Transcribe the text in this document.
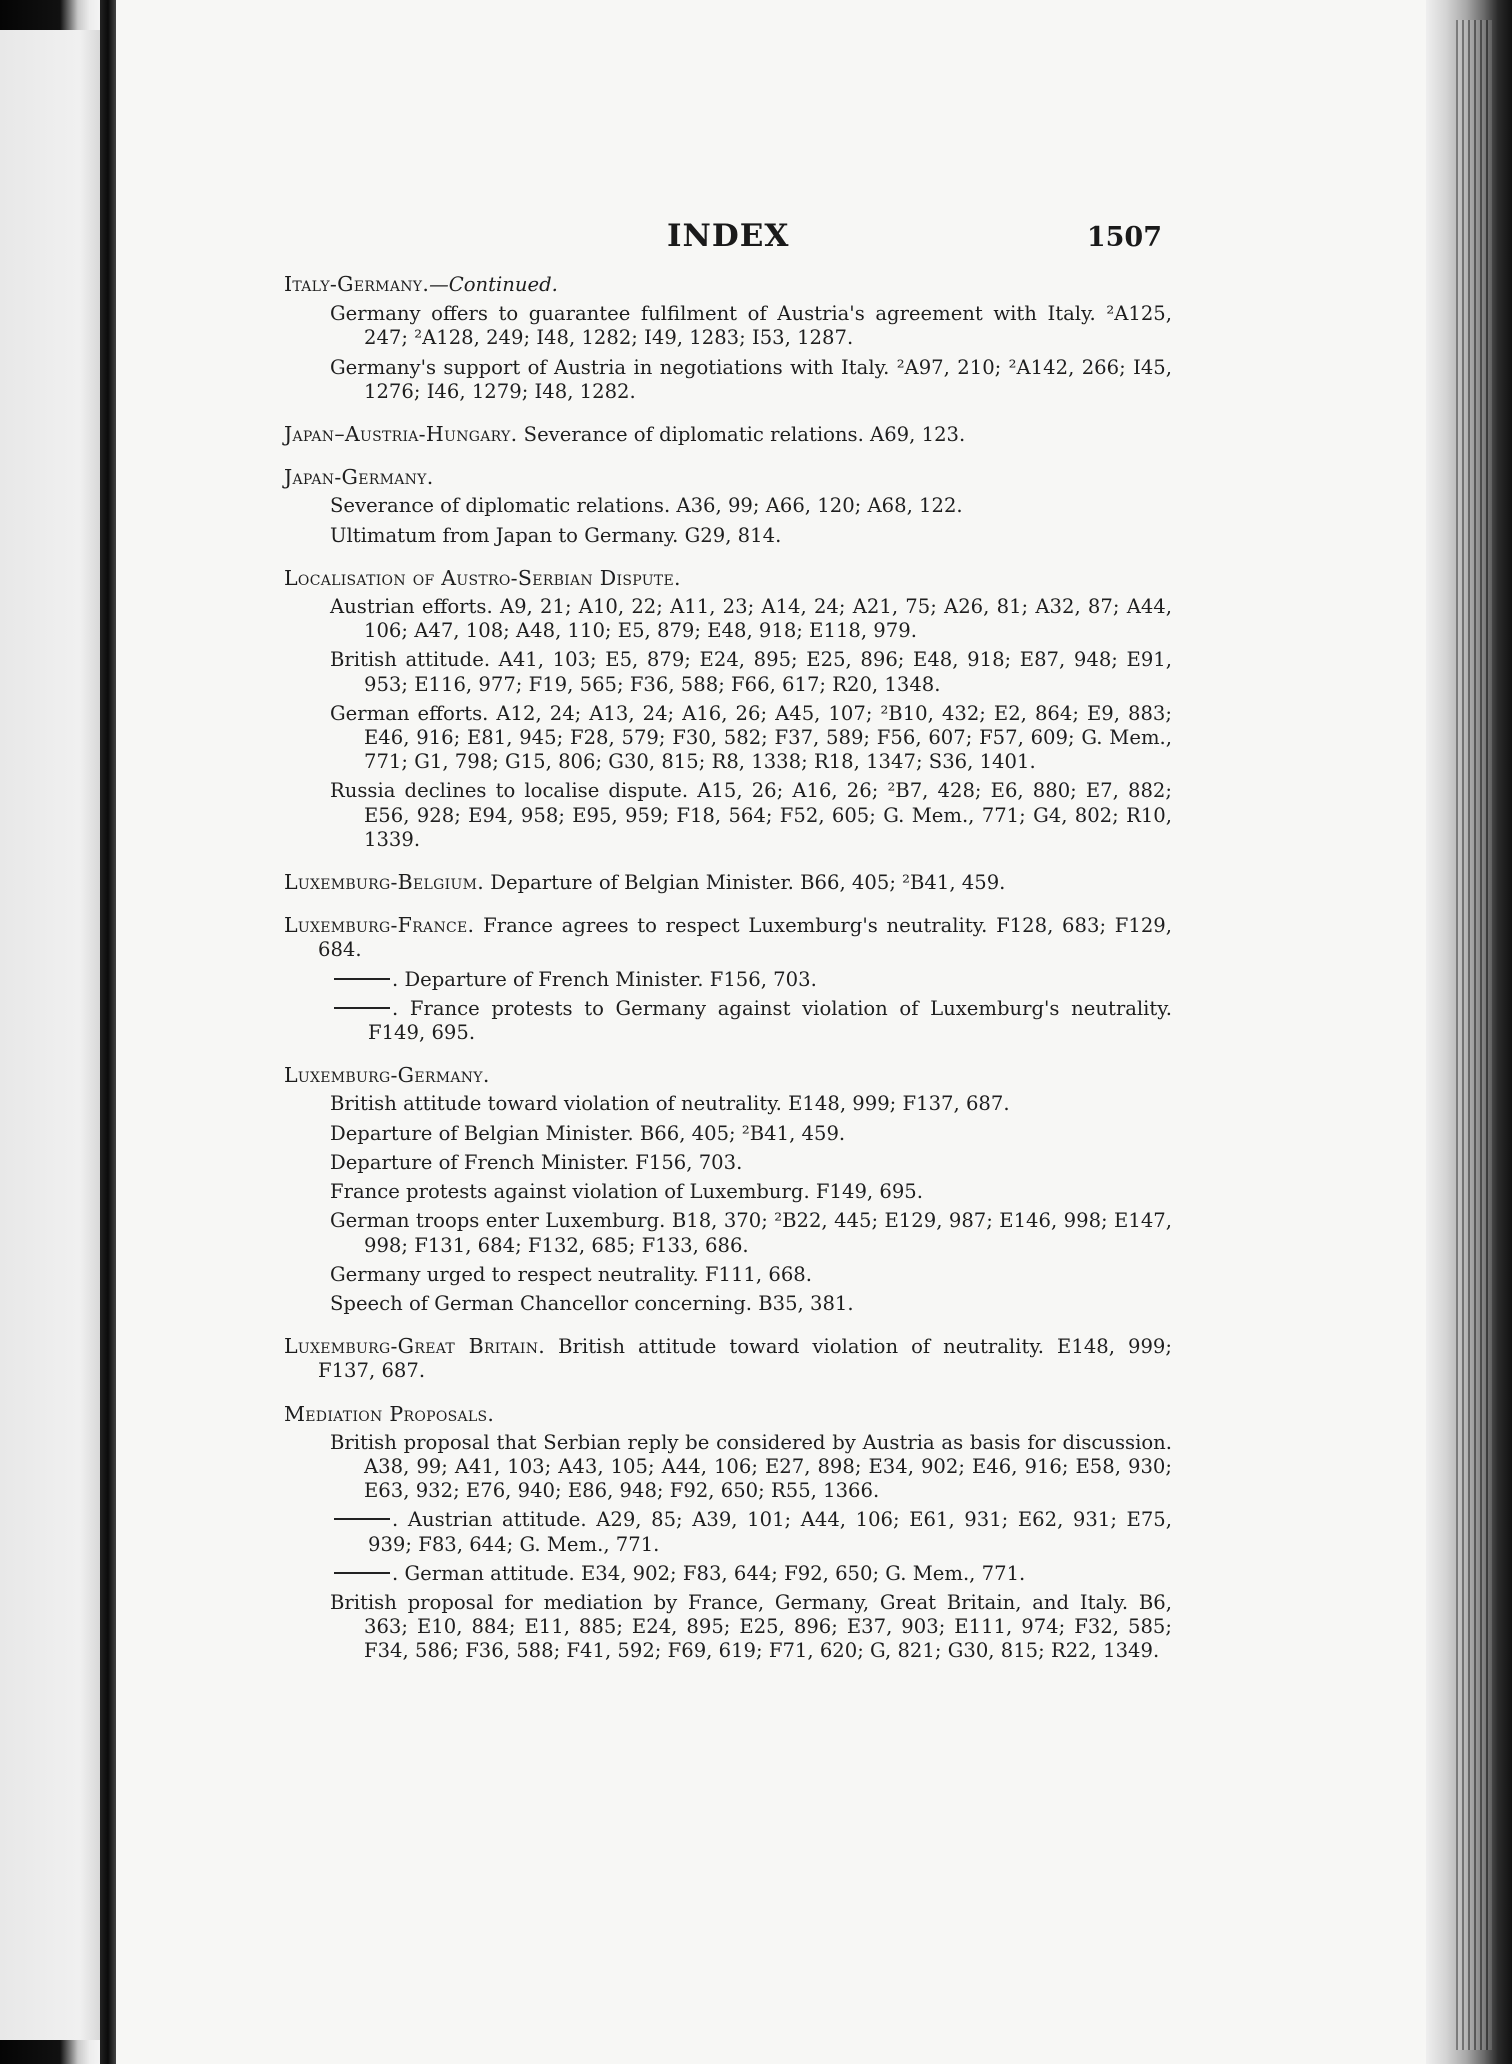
INDEX	1507
Italy-Germany.—Continued.
Germany offers to guarantee fulfilment of Austria's agreement with Italy. ²A125, 247; ²A128, 249; I48, 1282; I49, 1283; I53, 1287.
Germany's support of Austria in negotiations with Italy. ²A97, 210; ²A142, 266; I45, 1276; I46, 1279; I48, 1282.
Japan–Austria-Hungary. Severance of diplomatic relations. A69, 123.
Japan-Germany.
Severance of diplomatic relations. A36, 99; A66, 120; A68, 122.
Ultimatum from Japan to Germany. G29, 814.
Localisation of Austro-Serbian Dispute.
Austrian efforts. A9, 21; A10, 22; A11, 23; A14, 24; A21, 75; A26, 81; A32, 87; A44, 106; A47, 108; A48, 110; E5, 879; E48, 918; E118, 979.
British attitude. A41, 103; E5, 879; E24, 895; E25, 896; E48, 918; E87, 948; E91, 953; E116, 977; F19, 565; F36, 588; F66, 617; R20, 1348.
German efforts. A12, 24; A13, 24; A16, 26; A45, 107; ²B10, 432; E2, 864; E9, 883; E46, 916; E81, 945; F28, 579; F30, 582; F37, 589; F56, 607; F57, 609; G. Mem., 771; G1, 798; G15, 806; G30, 815; R8, 1338; R18, 1347; S36, 1401.
Russia declines to localise dispute. A15, 26; A16, 26; ²B7, 428; E6, 880; E7, 882; E56, 928; E94, 958; E95, 959; F18, 564; F52, 605; G. Mem., 771; G4, 802; R10, 1339.
Luxemburg-Belgium. Departure of Belgian Minister. B66, 405; ²B41, 459.
Luxemburg-France. France agrees to respect Luxemburg's neutrality. F128, 683; F129, 684.
. Departure of French Minister. F156, 703.
. France protests to Germany against violation of Luxemburg's neutrality. F149, 695.
Luxemburg-Germany.
British attitude toward violation of neutrality. E148, 999; F137, 687.
Departure of Belgian Minister. B66, 405; ²B41, 459.
Departure of French Minister. F156, 703.
France protests against violation of Luxemburg. F149, 695.
German troops enter Luxemburg. B18, 370; ²B22, 445; E129, 987; E146, 998; E147, 998; F131, 684; F132, 685; F133, 686.
Germany urged to respect neutrality. F111, 668.
Speech of German Chancellor concerning. B35, 381.
Luxemburg-Great Britain. British attitude toward violation of neutrality. E148, 999; F137, 687.
Mediation Proposals.
British proposal that Serbian reply be considered by Austria as basis for discussion. A38, 99; A41, 103; A43, 105; A44, 106; E27, 898; E34, 902; E46, 916; E58, 930; E63, 932; E76, 940; E86, 948; F92, 650; R55, 1366.
. Austrian attitude. A29, 85; A39, 101; A44, 106; E61, 931; E62, 931; E75, 939; F83, 644; G. Mem., 771.
. German attitude. E34, 902; F83, 644; F92, 650; G. Mem., 771.
British proposal for mediation by France, Germany, Great Britain, and Italy. B6, 363; E10, 884; E11, 885; E24, 895; E25, 896; E37, 903; E111, 974; F32, 585; F34, 586; F36, 588; F41, 592; F69, 619; F71, 620; G, 821; G30, 815; R22, 1349.
